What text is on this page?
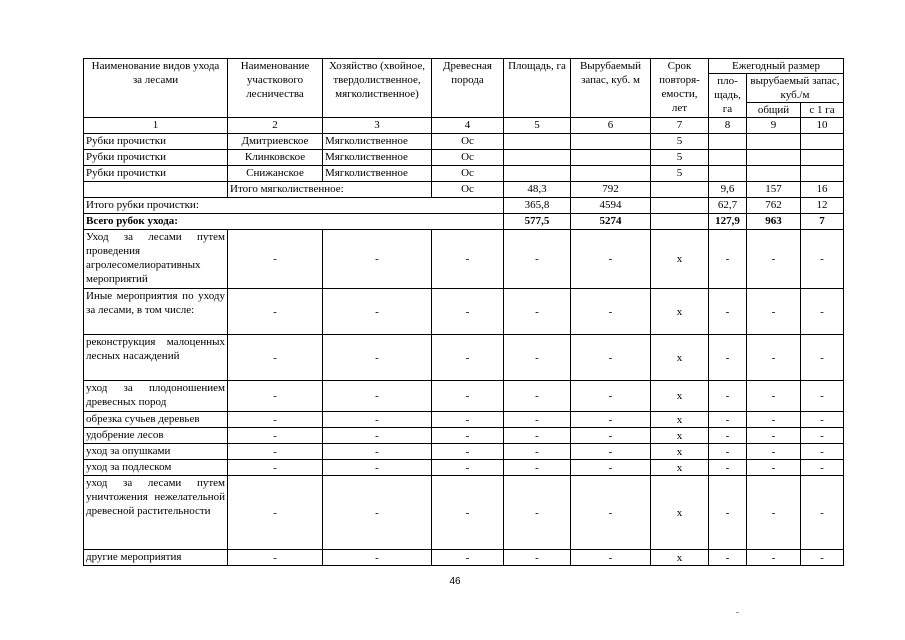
Наименование видов ухода за лесами	Наименование участкового лесничества	Хозяйство (хвойное, твердолиственное, мягколиственное)	Древесная порода	Площадь, га	Вырубаемый запас, куб. м	Срок повторя-емости, лет	Ежегодный размер		
							пло-щадь, га	вырубаемый запас, куб./м	

								общий	с 1 га
1	2	3	4	5	6	7	8	9	10
Рубки прочистки	Дмитриевское	Мягколиственное	Ос			5			
Рубки прочистки	Клинковское	Мягколиственное	Ос			5			
Рубки прочистки	Снижанское	Мягколиственное	Ос			5			
	Итого мягколиственное:		Ос	48,3	792		9,6	157	16
Итого рубки прочистки:				365,8	4594		62,7	762	12
Всего рубок ухода:				577,5	5274		127,9	963	7
Уход за лесами путем проведения агролесомелиоративных мероприятий	-	-	-	-	-	х	-	-	-
Иные мероприятия по уходу за лесами, в том числе:	-	-	-	-	-	х	-	-	-
реконструкция малоценных лесных насаждений	-	-	-	-	-	х	-	-	-
уход за плодоношением древесных пород	-	-	-	-	-	х	-	-	-
обрезка сучьев деревьев	-	-	-	-	-	х	-	-	-
удобрение лесов	-	-	-	-	-	х	-	-	-
уход за опушками	-	-	-	-	-	х	-	-	-
уход за подлеском	-	-	-	-	-	х	-	-	-
уход за лесами путем уничтожения нежелательной древесной растительности	-	-	-	-	-	х	-	-	-
другие мероприятия	-	-	-	-	-	х	-	-	-
46
